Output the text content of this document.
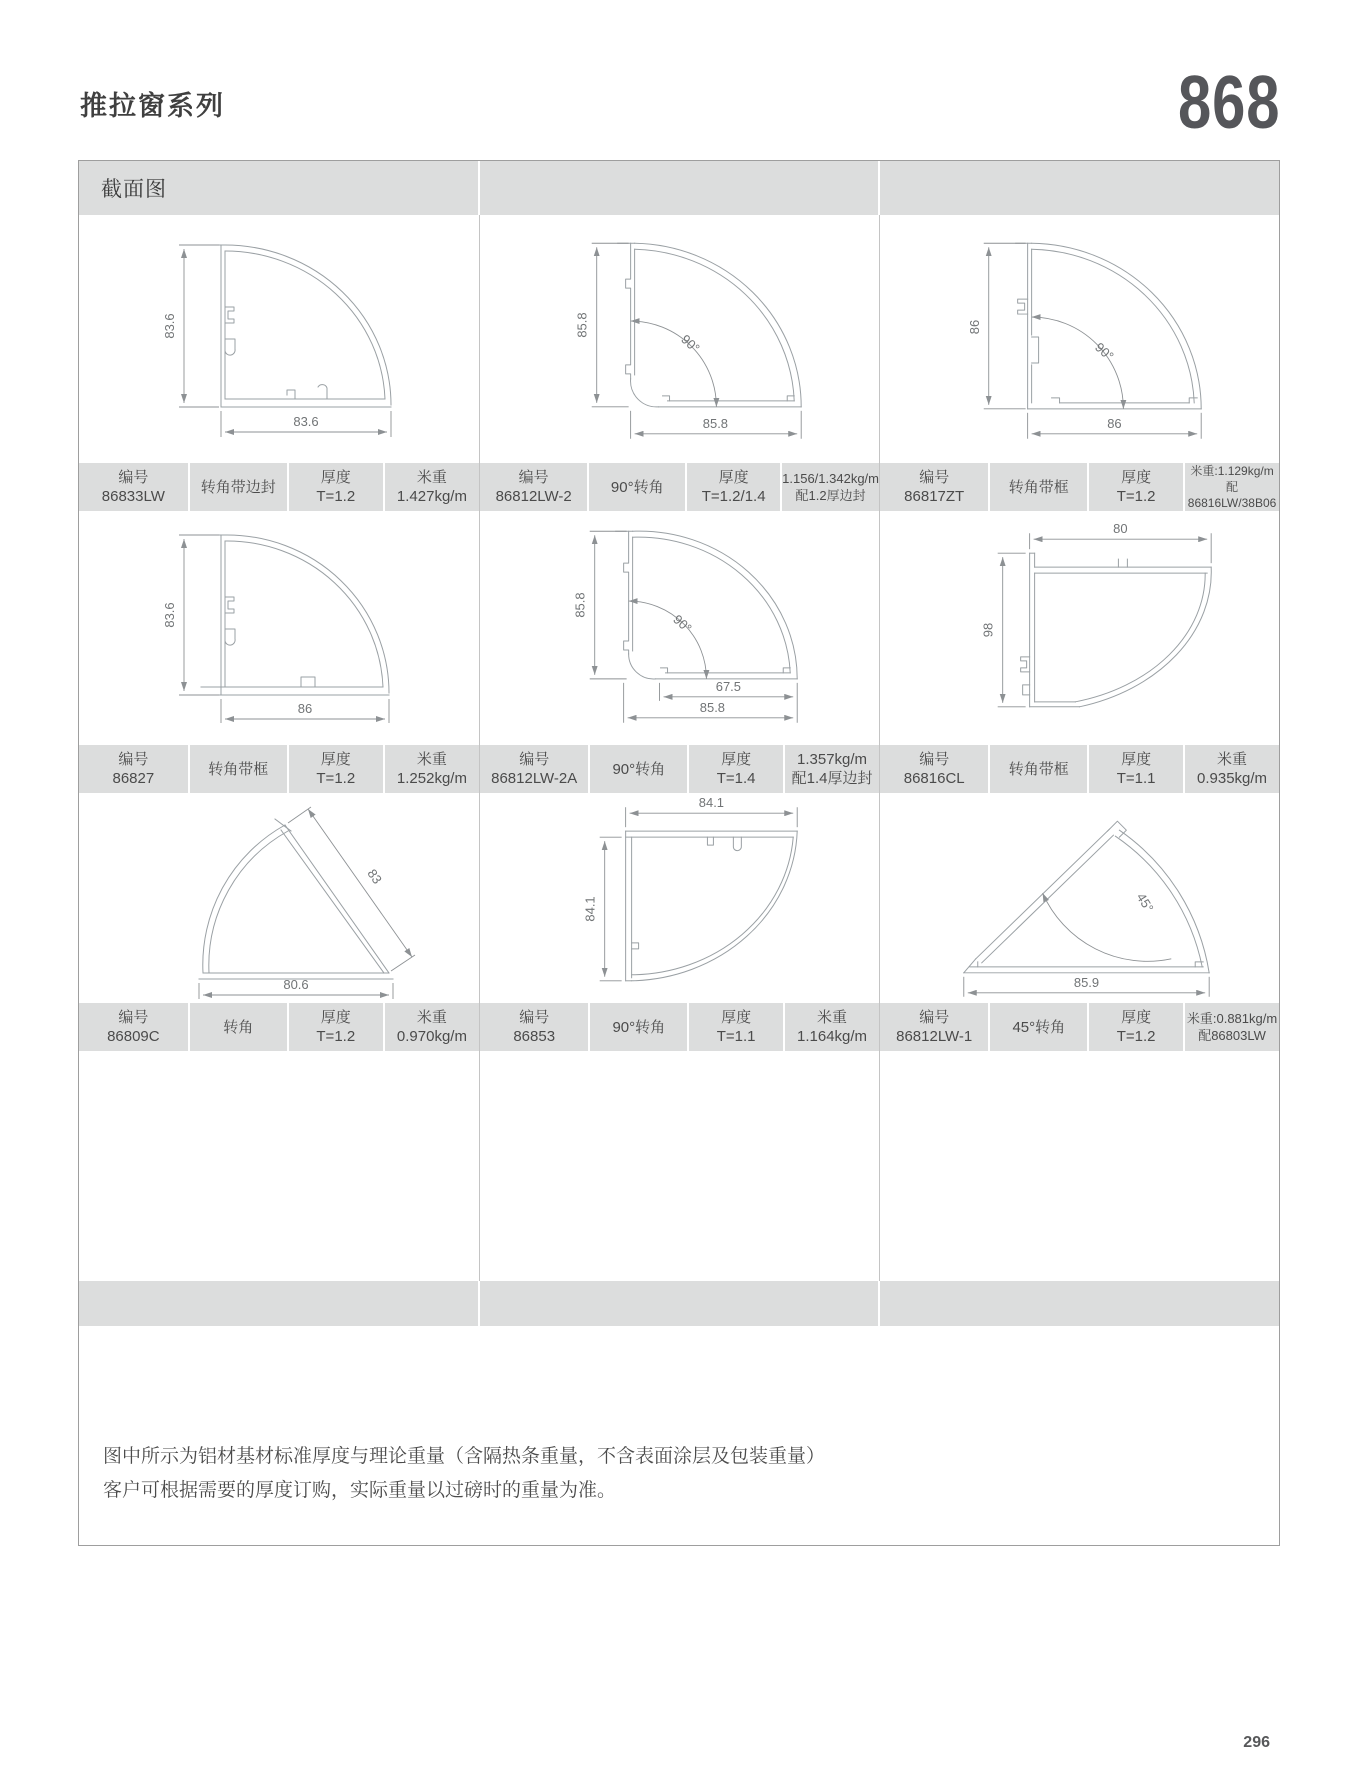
推拉窗系列	868
截面图
83.6
83.6
85.8
90°
85.8
86
90°
86
编号
86833LW
转角带边封
厚度
T=1.2
米重
1.427kg/m
编号
86812LW-2
90°转角
厚度
T=1.2/1.4
1.156/1.342kg/m
配1.2厚边封
编号
86817ZT
转角带框
厚度
T=1.2
米重:1.129kg/m
配86816LW/38B06
83.6
86
85.8
90°
67.5
85.8
80
98
编号
86827
转角带框
厚度
T=1.2
米重
1.252kg/m
编号
86812LW-2A
90°转角
厚度
T=1.4
1.357kg/m
配1.4厚边封
编号
86816CL
转角带框
厚度
T=1.1
米重
0.935kg/m
83
80.6
84.1
84.1	45°
85.9
编号
86809C
转角
厚度
T=1.2
米重
0.970kg/m
编号
86853
90°转角
厚度
T=1.1
米重
1.164kg/m
编号
86812LW-1
45°转角
厚度
T=1.2
米重:0.881kg/m
配86803LW
图中所示为铝材基材标准厚度与理论重量（含隔热条重量，不含表面涂层及包装重量）
客户可根据需要的厚度订购，实际重量以过磅时的重量为准。
296
